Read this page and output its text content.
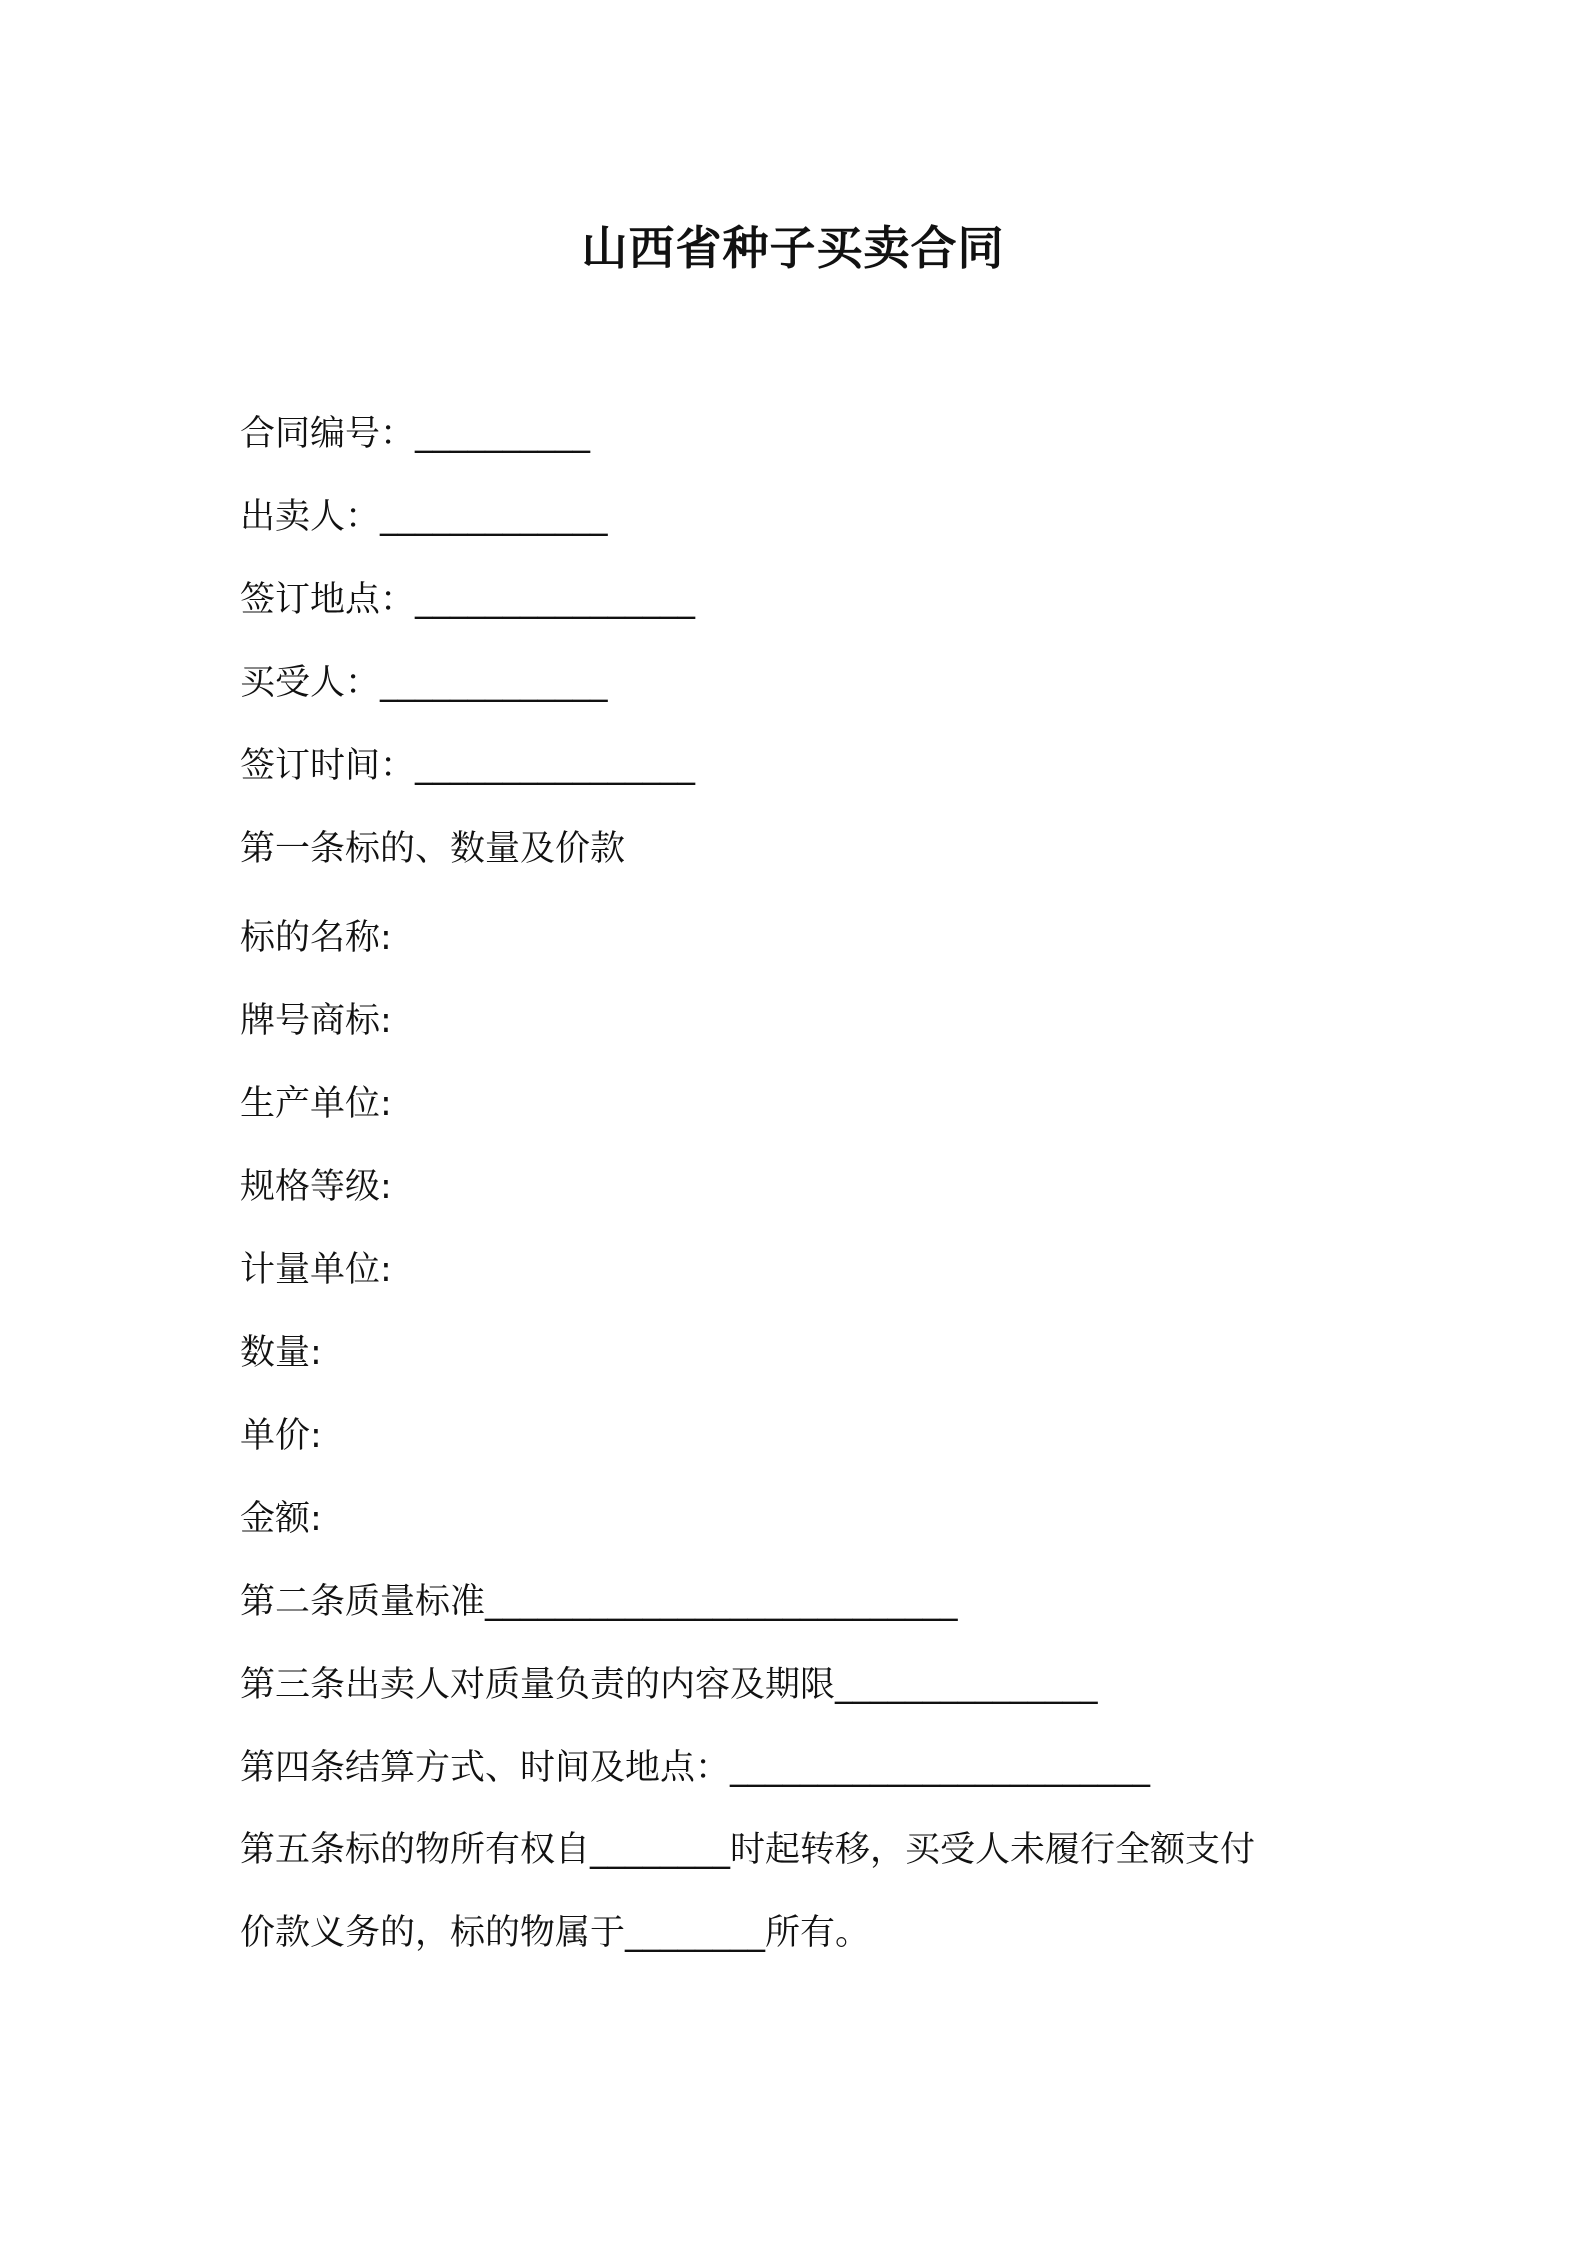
山西省种子买卖合同
合同编号：__________
出卖人：_____________
签订地点：________________
买受人：_____________
签订时间：________________
第一条标的、数量及价款
标的名称:
牌号商标:
生产单位:
规格等级:
计量单位:
数量:
单价:
金额:
第二条质量标准___________________________
第三条出卖人对质量负责的内容及期限_______________
第四条结算方式、时间及地点：________________________
第五条标的物所有权自________时起转移，买受人未履行全额支付
价款义务的，标的物属于________所有。
